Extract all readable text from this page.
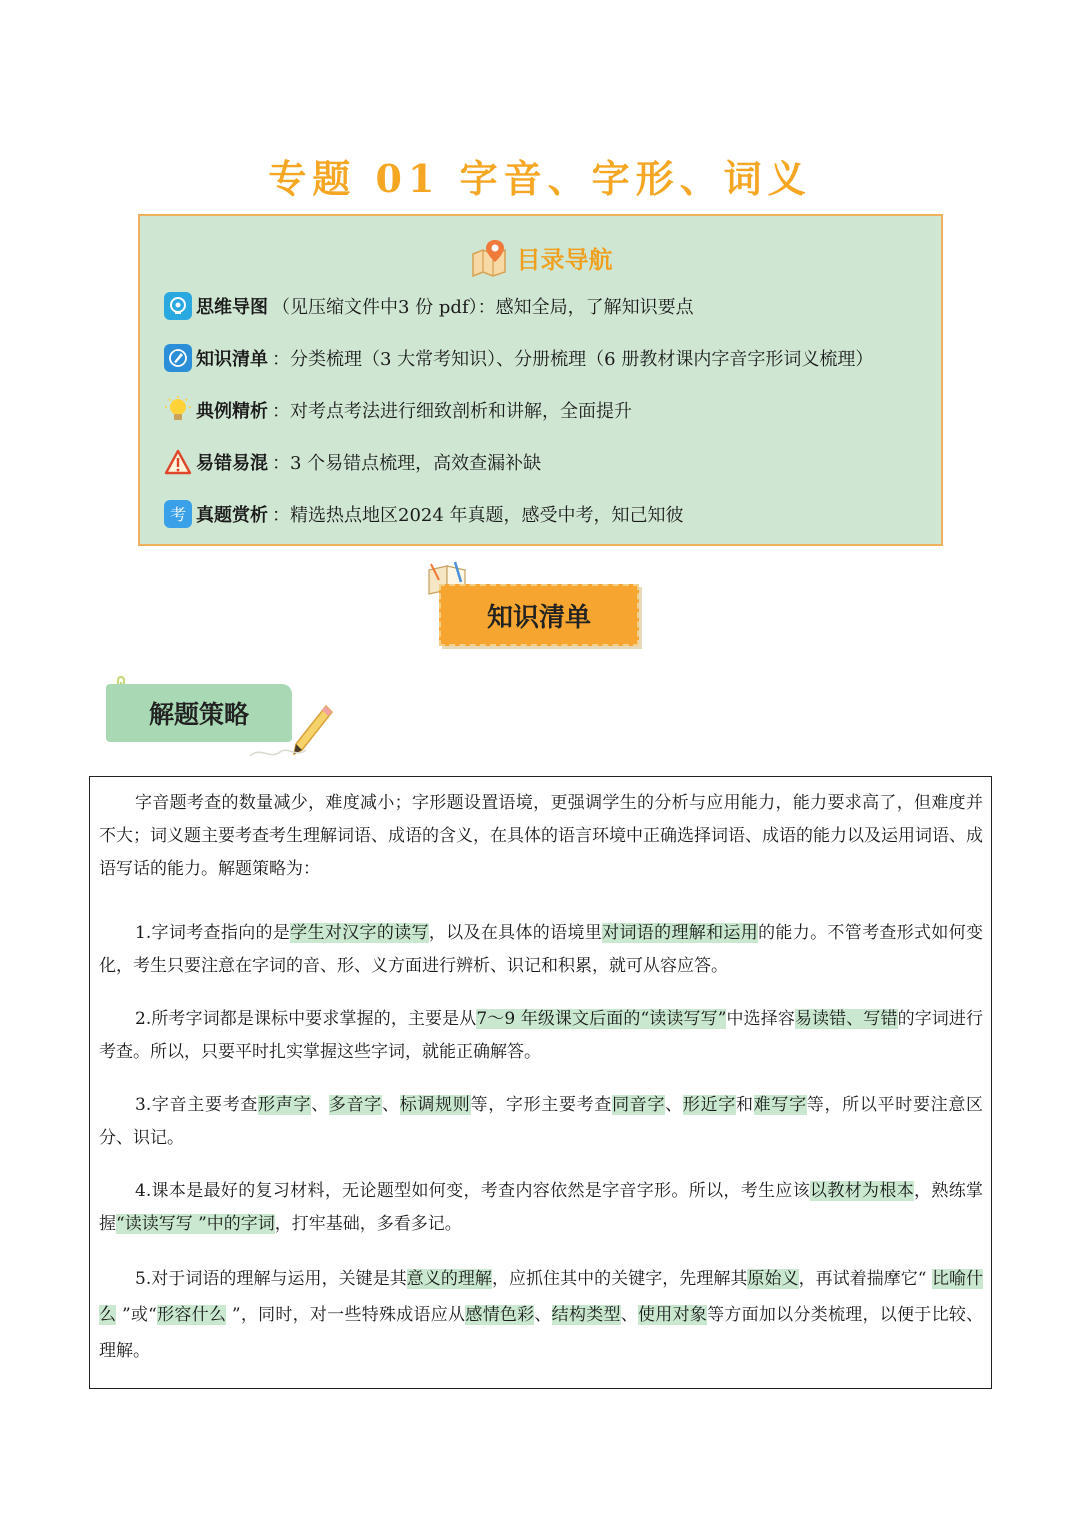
专题 01 字音、字形、词义
目录导航
思维导图 （见压缩文件中3 份 pdf）：感知全局，了解知识要点
知识清单 ：分类梳理（3 大常考知识）、分册梳理（6 册教材课内字音字形词义梳理）
典例精析 ：对考点考法进行细致剖析和讲解，全面提升
易错易混 ：3 个易错点梳理，高效查漏补缺
考 真题赏析 ：精选热点地区2024 年真题，感受中考，知己知彼
知识清单
解题策略
字音题考查的数量减少，难度减小；字形题设置语境，更强调学生的分析与应用能力，能力要求高了，但难度并不大；词义题主要考查考生理解词语、成语的含义，在具体的语言环境中正确选择词语、成语的能力以及运用词语、成语写话的能力。解题策略为：
1.字词考查指向的是学生对汉字的读写，以及在具体的语境里对词语的理解和运用的能力。不管考查形式如何变化，考生只要注意在字词的音、形、义方面进行辨析、识记和积累，就可从容应答。
2.所考字词都是课标中要求掌握的，主要是从7～9 年级课文后面的“读读写写”中选择容易读错、写错的字词进行考查。所以，只要平时扎实掌握这些字词，就能正确解答。
3.字音主要考查形声字、多音字、标调规则等，字形主要考查同音字、形近字和难写字等，所以平时要注意区分、识记。
4.课本是最好的复习材料，无论题型如何变，考查内容依然是字音字形。所以，考生应该以教材为根本，熟练掌握“读读写写 ”中的字词，打牢基础，多看多记。
5.对于词语的理解与运用，关键是其意义的理解，应抓住其中的关键字，先理解其原始义，再试着揣摩它“ 比喻什么 ”或“形容什么 ”，同时，对一些特殊成语应从感情色彩、结构类型、使用对象等方面加以分类梳理，以便于比较、理解。
